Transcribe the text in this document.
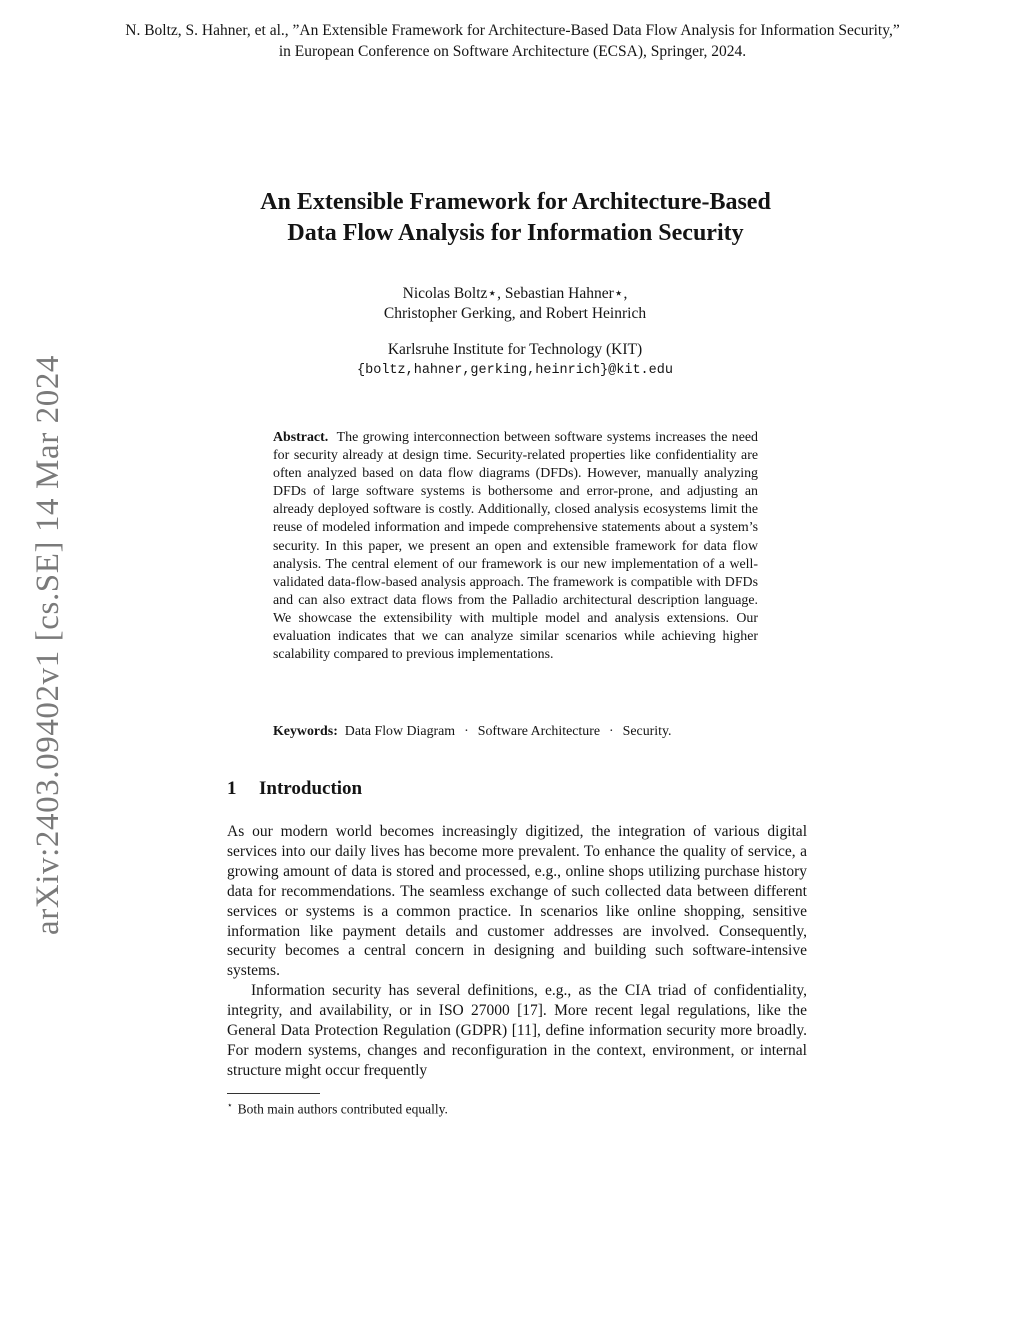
N. Boltz, S. Hahner, et al., ”An Extensible Framework for Architecture-Based Data Flow Analysis for Information Security,” in European Conference on Software Architecture (ECSA), Springer, 2024.

arXiv:2403.09402v1 [cs.SE] 14 Mar 2024

An Extensible Framework for Architecture-Based
Data Flow Analysis for Information Security
Nicolas Boltz⋆, Sebastian Hahner⋆,
Christopher Gerking, and Robert Heinrich
Karlsruhe Institute for Technology (KIT)
{boltz,hahner,gerking,heinrich}@kit.edu

Abstract. The growing interconnection between software systems increases the need for security already at design time. Security-related properties like confidentiality are often analyzed based on data flow diagrams (DFDs). However, manually analyzing DFDs of large software systems is bothersome and error-prone, and adjusting an already deployed software is costly. Additionally, closed analysis ecosystems limit the reuse of modeled information and impede comprehensive statements about a system’s security. In this paper, we present an open and extensible framework for data flow analysis. The central element of our framework is our new implementation of a well-validated data-flow-based analysis approach. The framework is compatible with DFDs and can also extract data flows from the Palladio architectural description language. We showcase the extensibility with multiple model and analysis extensions. Our evaluation indicates that we can analyze similar scenarios while achieving higher scalability compared to previous implementations.

Keywords: Data Flow Diagram · Software Architecture · Security.

1 Introduction

As our modern world becomes increasingly digitized, the integration of various digital services into our daily lives has become more prevalent. To enhance the quality of service, a growing amount of data is stored and processed, e.g., online shops utilizing purchase history data for recommendations. The seamless exchange of such collected data between different services or systems is a common practice. In scenarios like online shopping, sensitive information like payment details and customer addresses are involved. Consequently, security becomes a central concern in designing and building such software-intensive systems.

Information security has several definitions, e.g., as the CIA triad of confidentiality, integrity, and availability, or in ISO 27000 [17]. More recent legal regulations, like the General Data Protection Regulation (GDPR) [11], define information security more broadly. For modern systems, changes and reconfiguration in the context, environment, or internal structure might occur frequently

⋆ Both main authors contributed equally.
